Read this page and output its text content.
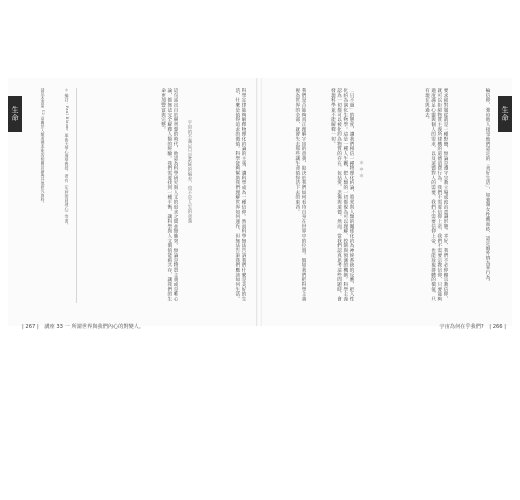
生命	生命
輪信仰，強迫他人接受他們認定的「美好生活」，如強制女性戴面紗，認定婚外情為罪行為。
要求絕對服從就是一種野蠻，無論是遵守宗教立場或政治意識形態。幸好，我們不必仰賴宗教信仰，就可以拒絕物質主義所建構的道德消費行為。我們不需要信仰上帝，我們不需要宗教信仰，只要能夠適度滿足心靈與個人的需求，以及道德對人的需要，我們不需要信仰上帝，也能珍視群體的價值，只有現在與過去。
＊ ＊ ＊
「只不過」的態度，讓我們相信一種物理化約論，將愛與人類的關係化約為神經系統的反應，把人性化約為演化生物學。這是一種人生觀，把人類的一切都視為可以理解、控制與預測的機制。科學主義認為一切都可以被化約為物質的存在，包括愛、悲傷與道德。然而，當我們認真思考這些問題時，會發現科學並不能解釋一切。
我們是否能夠真正理解宇宙的意義，取決於我們如何看待自身在世界中的位置。假如我們把科學主義視為世界的全部，就會失去那些讓生命值得活下去的東西。
科學定律能夠解釋物理化約論的主張，讓科學成為一種信仰。然而科學無法告訴我們什麼是美好的生活，什麼是值得追求的價值。科學能夠幫助我們理解世界如何運作，但無法告訴我們應該如何生活。
宇宙的不滿足只是系統的偏差，也不是人生的意義
這句話出自於赫胥黎的時代，他認為科學研究與人文的追求之間並無衝突。無論是物質主義或是唯心論，都無法完全解釋人類的經驗。我們需要找到一種平衡，讓科學與人文價值能夠共存，讓我們的生命更加豐富與完整。
＊ 編註：Paul Bloom，耶魯大學心理學教授，著有《失控的同理心》等書。
請見本書第 12 章關於人類道德本能的相關討論與其他研究資料。
| 267 | 講座 33 一 所謂世界與我們內心的對變人。	宇宙為何在乎我們? | 266 |
